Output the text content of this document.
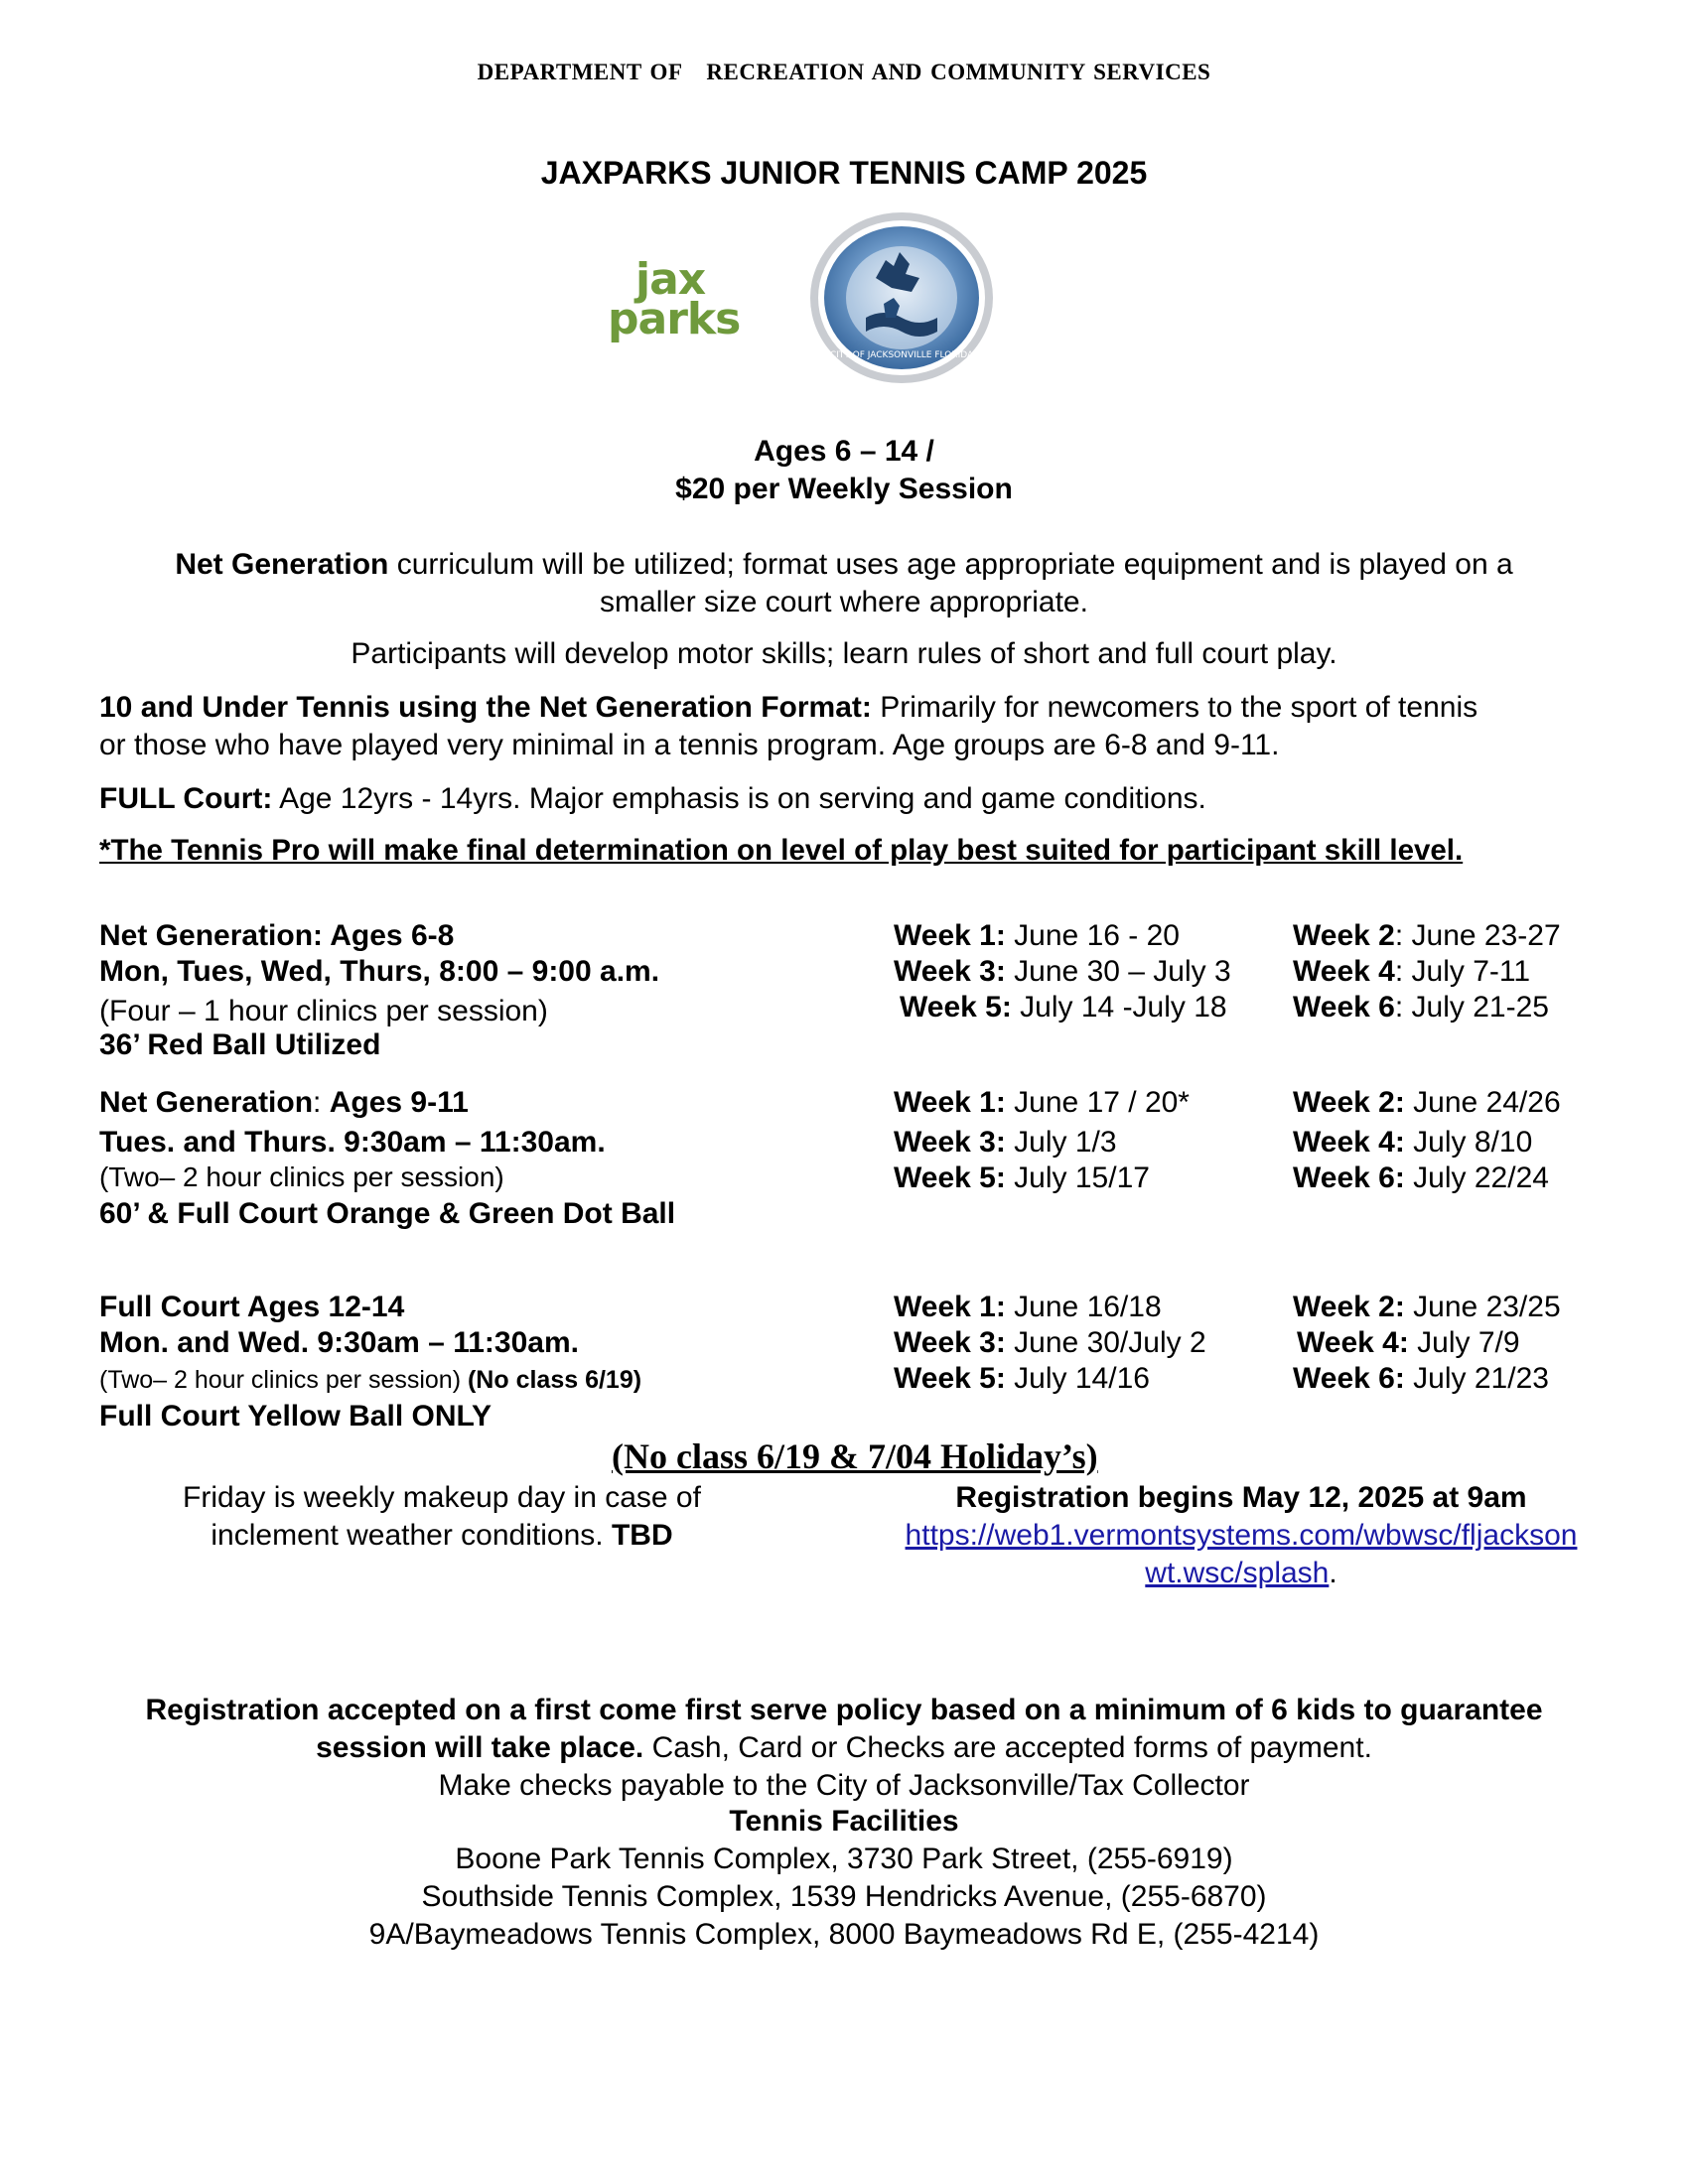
DEPARTMENT OF   RECREATION AND COMMUNITY SERVICES
JAXPARKS JUNIOR TENNIS CAMP 2025
jax
parks
CITY OF JACKSONVILLE FLORIDA
Ages 6 – 14 /
$20 per Weekly Session
Net Generation curriculum will be utilized; format uses age appropriate equipment and is played on a
smaller size court where appropriate.
Participants will develop motor skills; learn rules of short and full court play.
10 and Under Tennis using the Net Generation Format: Primarily for newcomers to the sport of tennis
or those who have played very minimal in a tennis program. Age groups are 6-8 and 9-11.
FULL Court: Age 12yrs - 14yrs. Major emphasis is on serving and game conditions.
*The Tennis Pro will make final determination on level of play best suited for participant skill level.
Net Generation: Ages 6-8
Mon, Tues, Wed, Thurs, 8:00 – 9:00 a.m.
(Four – 1 hour clinics per session)
36’ Red Ball Utilized
Week 1: June 16 - 20	Week 2: June 23-27
Week 3: June 30 – July 3 Week 4: July 7-11
Week 5: July 14 -July 18 Week 6: July 21-25
Net Generation: Ages 9-11
Tues. and Thurs. 9:30am – 11:30am.
(Two– 2 hour clinics per session)
60’ & Full Court Orange & Green Dot Ball
Week 1: June 17 / 20*	Week 2: June 24/26
Week 3: July 1/3	Week 4: July 8/10
Week 5: July 15/17	Week 6: July 22/24
Full Court Ages 12-14
Mon. and Wed. 9:30am – 11:30am.
(Two– 2 hour clinics per session) (No class 6/19)
Full Court Yellow Ball ONLY
Week 1: June 16/18	Week 2: June 23/25
Week 3: June 30/July 2	Week 4: July 7/9
Week 5: July 14/16	Week 6: July 21/23
(No class 6/19 & 7/04 Holiday’s)
Friday is weekly makeup day in case of
inclement weather conditions. TBD
Registration begins May 12, 2025 at 9am
https://web1.vermontsystems.com/wbwsc/fljackson
wt.wsc/splash.
Registration accepted on a first come first serve policy based on a minimum of 6 kids to guarantee
session will take place. Cash, Card or Checks are accepted forms of payment.
Make checks payable to the City of Jacksonville/Tax Collector
Tennis Facilities
Boone Park Tennis Complex, 3730 Park Street, (255-6919)
Southside Tennis Complex, 1539 Hendricks Avenue, (255-6870)
9A/Baymeadows Tennis Complex, 8000 Baymeadows Rd E, (255-4214)
